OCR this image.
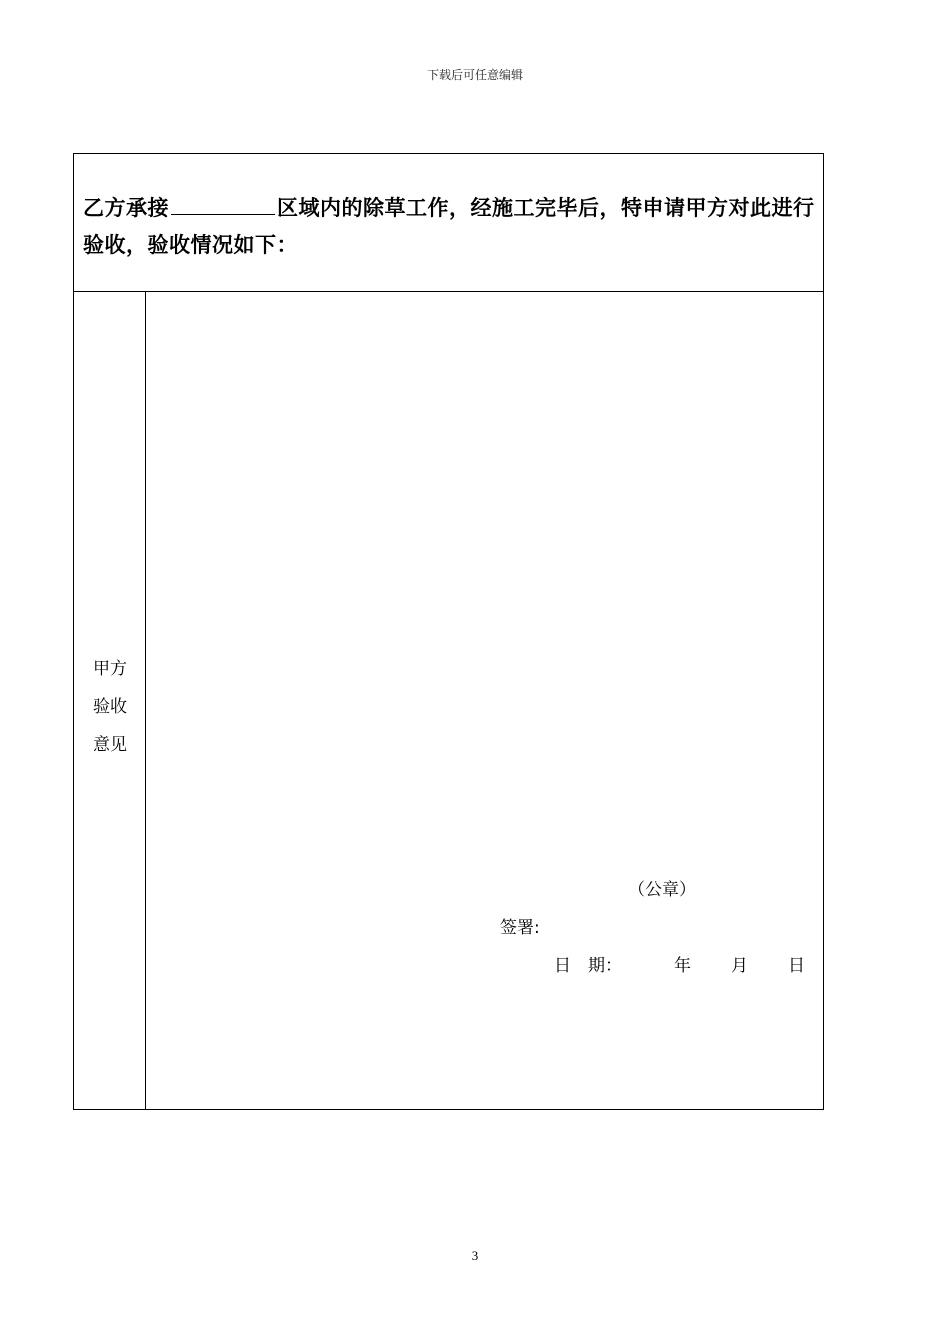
下载后可任意编辑
乙方承接	区域内的除草工作，经施工完毕后，特申请甲方对此进行验收，验收情况如下：
甲方
验收
意见
（公章）
签署:
日　期：	年 月 日
3
